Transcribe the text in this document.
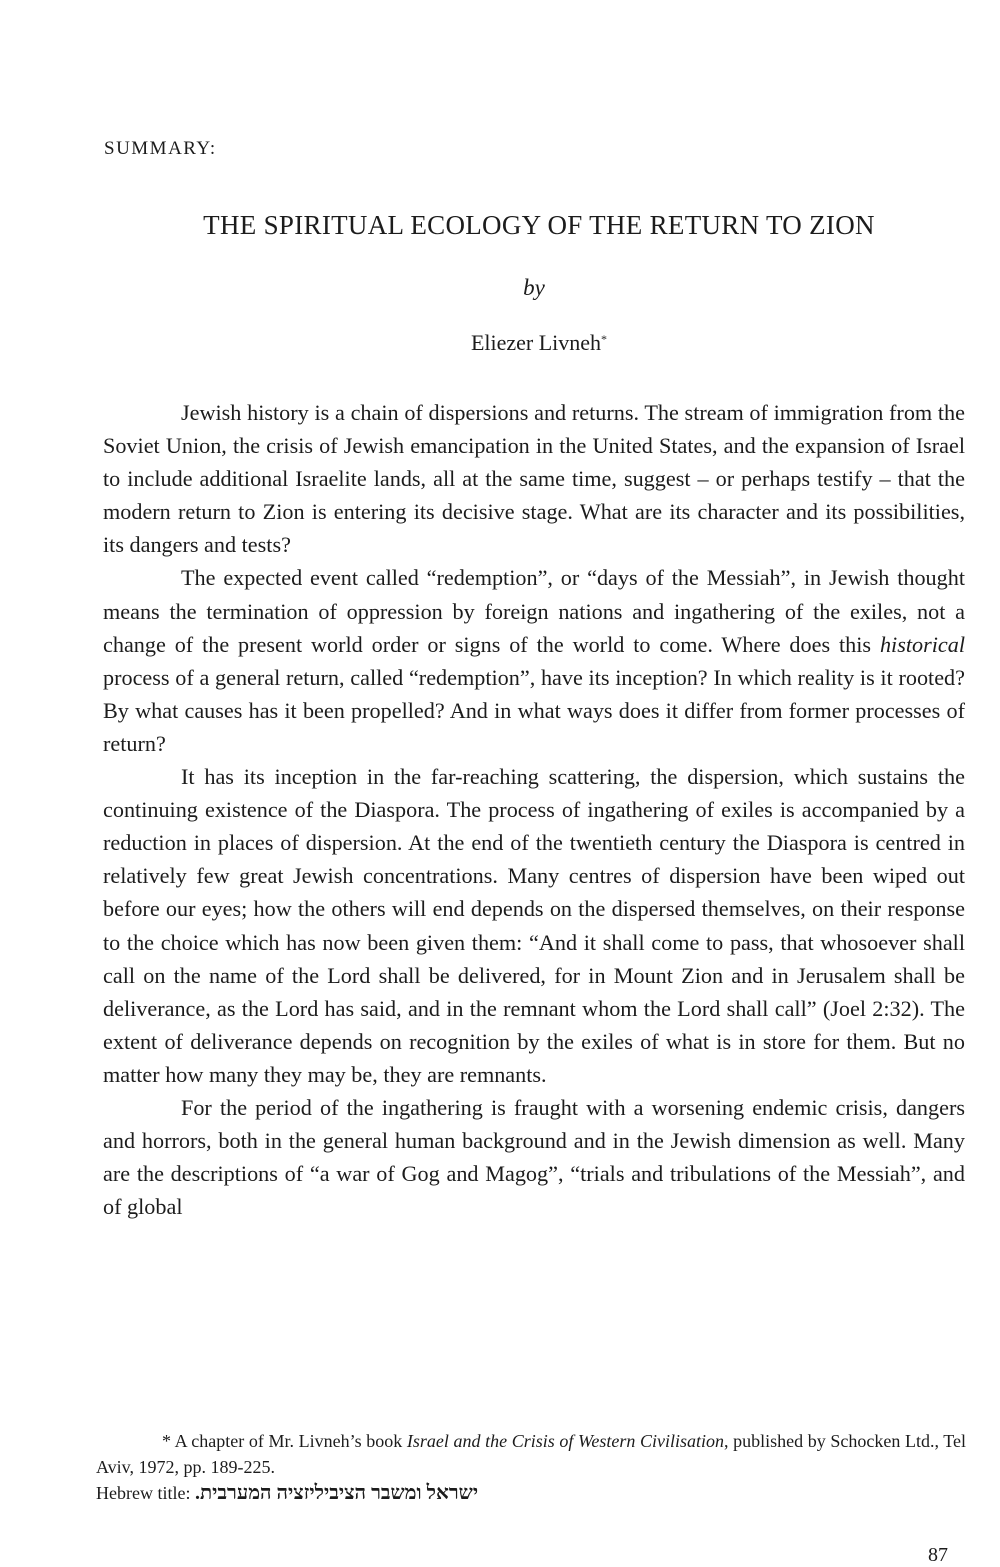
SUMMARY:
THE SPIRITUAL ECOLOGY OF THE RETURN TO ZION
by
Eliezer Livneh*

Jewish history is a chain of dispersions and returns. The stream of immigration from the Soviet Union, the crisis of Jewish emancipation in the United States, and the expansion of Israel to include additional Israelite lands, all at the same time, suggest – or perhaps testify – that the modern return to Zion is entering its decisive stage. What are its character and its possibilities, its dangers and tests?

The expected event called “redemption”, or “days of the Messiah”, in Jewish thought means the termination of oppression by foreign nations and ingathering of the exiles, not a change of the present world order or signs of the world to come. Where does this historical process of a general return, called “redemption”, have its inception? In which reality is it rooted? By what causes has it been propelled? And in what ways does it differ from former processes of return?

It has its inception in the far-reaching scattering, the dispersion, which sustains the continuing existence of the Diaspora. The process of ingathering of exiles is accompanied by a reduction in places of dispersion. At the end of the twentieth century the Diaspora is centred in relatively few great Jewish concentrations. Many centres of dispersion have been wiped out before our eyes; how the others will end depends on the dispersed themselves, on their response to the choice which has now been given them: “And it shall come to pass, that whosoever shall call on the name of the Lord shall be delivered, for in Mount Zion and in Jerusalem shall be deliverance, as the Lord has said, and in the remnant whom the Lord shall call” (Joel 2:32). The extent of deliverance depends on recognition by the exiles of what is in store for them. But no matter how many they may be, they are remnants.

For the period of the ingathering is fraught with a worsening endemic crisis, dangers and horrors, both in the general human background and in the Jewish dimension as well. Many are the descriptions of “a war of Gog and Magog”, “trials and tribulations of the Messiah”, and of global

* A chapter of Mr. Livneh’s book Israel and the Crisis of Western Civilisation, published by Schocken Ltd., Tel Aviv, 1972, pp. 189-225.

Hebrew title: ישראל ומשבר הציביליזציה המערבית.

87
